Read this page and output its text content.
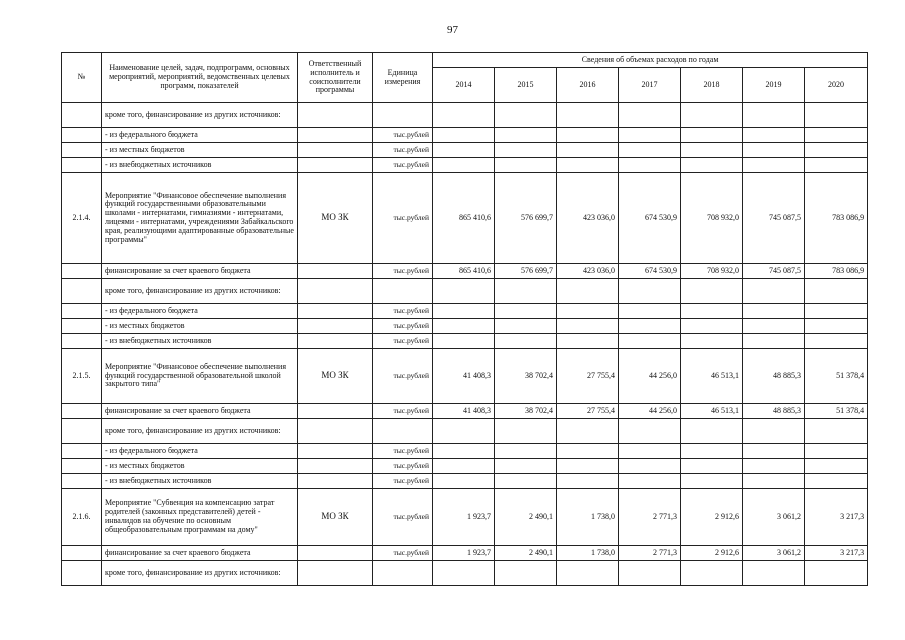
97
№	Наименование целей, задач, подпрограмм, основных мероприятий, мероприятий, ведомственных целевых программ, показателей	Ответственный исполнитель и соисполнители программы	Единица измерения	Сведения об объемах расходов по годам						
				2014	2015	2016	2017	2018	2019	2020
	кроме того, финансирование из других источников:									
	- из федерального бюджета		тыс.рублей							
	- из местных бюджетов		тыс.рублей							
	- из внебюджетных источников		тыс.рублей							
2.1.4.	Мероприятие "Финансовое обеспечение выполнения функций государственными образовательными школами - интернатами, гимназиями - интернатами, лицеями - интернатами, учреждениями Забайкальского края, реализующими адаптированные образовательные программы"	МО ЗК	тыс.рублей	865 410,6	576 699,7	423 036,0	674 530,9	708 932,0	745 087,5	783 086,9
	финансирование за счет краевого бюджета		тыс.рублей	865 410,6	576 699,7	423 036,0	674 530,9	708 932,0	745 087,5	783 086,9
	кроме того, финансирование из других источников:									
	- из федерального бюджета		тыс.рублей							
	- из местных бюджетов		тыс.рублей							
	- из внебюджетных источников		тыс.рублей							
2.1.5.	Мероприятие "Финансовое обеспечение выполнения функций государственной образовательной школой закрытого типа"	МО ЗК	тыс.рублей	41 408,3	38 702,4	27 755,4	44 256,0	46 513,1	48 885,3	51 378,4
	финансирование за счет краевого бюджета		тыс.рублей	41 408,3	38 702,4	27 755,4	44 256,0	46 513,1	48 885,3	51 378,4
	кроме того, финансирование из других источников:									
	- из федерального бюджета		тыс.рублей							
	- из местных бюджетов		тыс.рублей							
	- из внебюджетных источников		тыс.рублей							
2.1.6.	Мероприятие "Субвенция на компенсацию затрат родителей (законных представителей) детей - инвалидов на обучение по основным общеобразовательным программам на дому"	МО ЗК	тыс.рублей	1 923,7	2 490,1	1 738,0	2 771,3	2 912,6	3 061,2	3 217,3
	финансирование за счет краевого бюджета		тыс.рублей	1 923,7	2 490,1	1 738,0	2 771,3	2 912,6	3 061,2	3 217,3
	кроме того, финансирование из других источников:									
